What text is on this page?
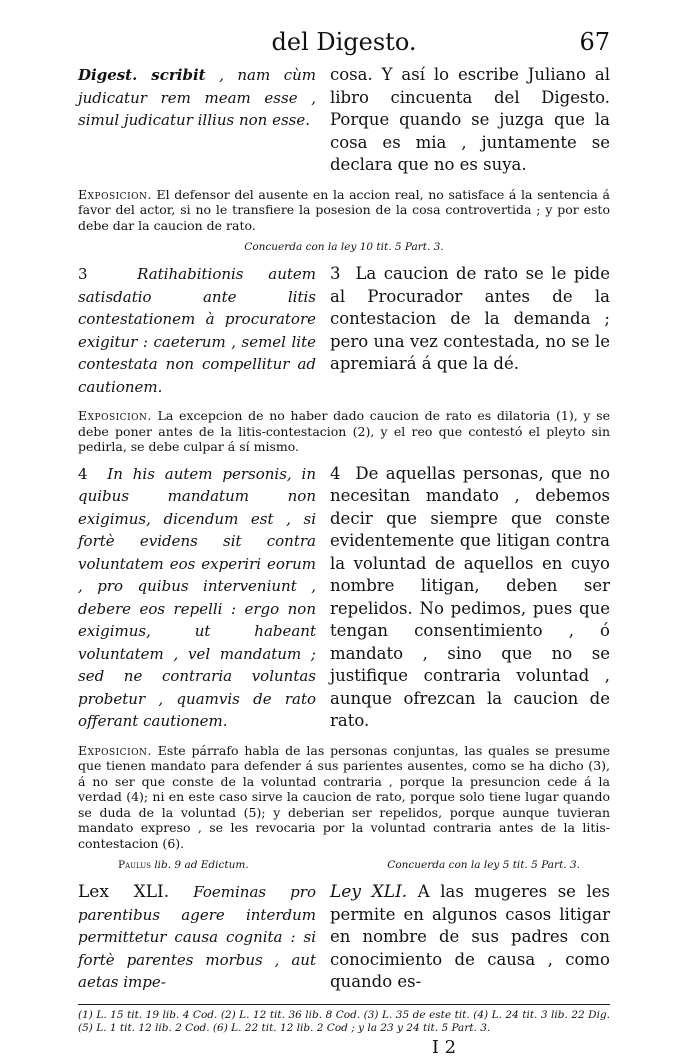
del Digesto.	67
Digest. scribit , nam cùm judicatur rem meam esse , simul judicatur illius non esse.
cosa. Y así lo escribe Juliano al libro cincuenta del Digesto. Porque quando se juzga que la cosa es mia , juntamente se declara que no es suya.
Exposicion. El defensor del ausente en la accion real, no satisface á la sentencia á favor del actor, si no le transfiere la posesion de la cosa controvertida ; y por esto debe dar la caucion de rato.
Concuerda con la ley 10 tit. 5 Part. 3.
3	Ratihabitionis autem satisdatio ante litis contestationem à procuratore exigitur : caeterum , semel lite contestata non compellitur ad cautionem.
3 La caucion de rato se le pide al Procurador antes de la contestacion de la demanda ; pero una vez contestada, no se le apremiará á que la dé.
Exposicion. La excepcion de no haber dado caucion de rato es dilatoria (1), y se debe poner antes de la litis-contestacion (2), y el reo que contestó el pleyto sin pedirla, se debe culpar á sí mismo.
4 In his autem personis, in quibus mandatum non exigimus, dicendum est , si fortè evidens sit contra voluntatem eos experiri eorum , pro quibus interveniunt , debere eos repelli : ergo non exigimus, ut habeant voluntatem , vel mandatum ; sed ne contraria voluntas probetur , quamvis de rato offerant cautionem.
4 De aquellas personas, que no necesitan mandato , debemos decir que siempre que conste evidentemente que litigan contra la voluntad de aquellos en cuyo nombre litigan, deben ser repelidos. No pedimos, pues que tengan consentimiento , ó mandato , sino que no se justifique contraria voluntad , aunque ofrezcan la caucion de rato.
Exposicion. Este párrafo habla de las personas conjuntas, las quales se presume que tienen mandato para defender á sus parientes ausentes, como se ha dicho (3), á no ser que conste de la voluntad contraria , porque la presuncion cede á la verdad (4); ni en este caso sirve la caucion de rato, porque solo tiene lugar quando se duda de la voluntad (5); y deberian ser repelidos, porque aunque tuvieran mandato expreso , se les revocaria por la voluntad contraria antes de la litis-contestacion (6).
Paulus lib. 9 ad Edictum.	Concuerda con la ley 5 tit. 5 Part. 3.
Lex XLI. Foeminas pro parentibus agere interdum permittetur causa cognita : si fortè parentes morbus , aut aetas impe-
Ley XLI. A las mugeres se les permite en algunos casos litigar en nombre de sus padres con conocimiento de causa , como quando es-
(1) L. 15 tit. 19 lib. 4 Cod. (2) L. 12 tit. 36 lib. 8 Cod. (3) L. 35 de este tit. (4) L. 24 tit. 3 lib. 22 Dig. (5) L. 1 tit. 12 lib. 2 Cod. (6) L. 22 tit. 12 lib. 2 Cod ; y la 23 y 24 tit. 5 Part. 3.
I 2
